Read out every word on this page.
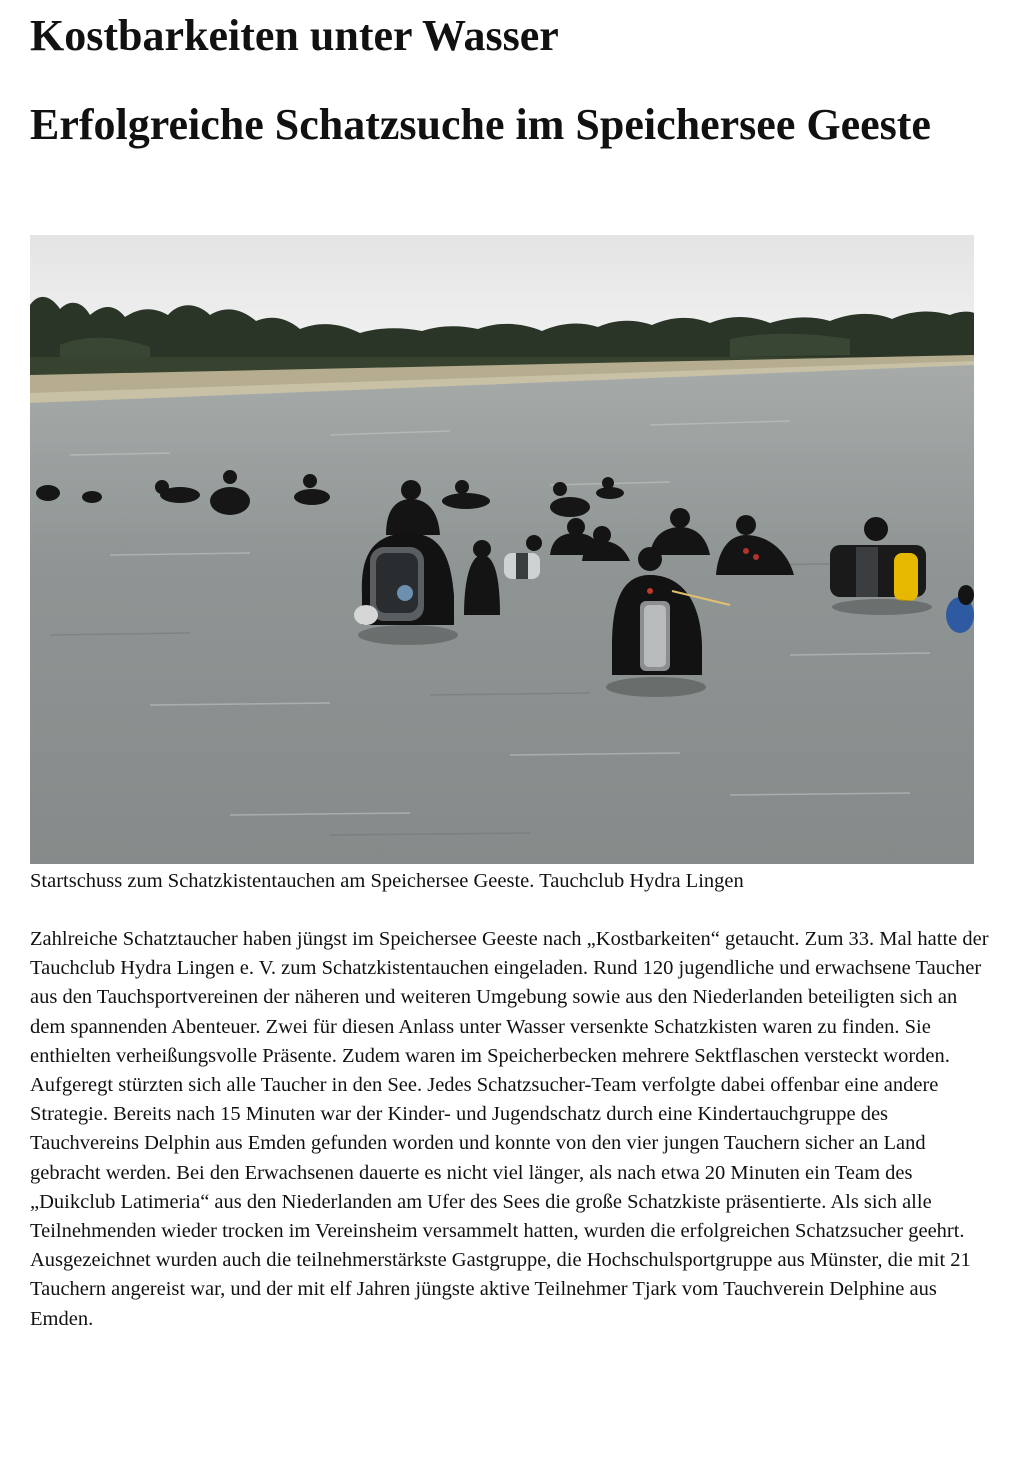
Kostbarkeiten unter Wasser
Erfolgreiche Schatzsuche im Speichersee Geeste
Startschuss zum Schatzkistentauchen am Speichersee Geeste. Tauchclub Hydra Lingen

Zahlreiche Schatztaucher haben jüngst im Speichersee Geeste nach „Kostbarkeiten“ getaucht. Zum 33. Mal hatte der Tauchclub Hydra Lingen e. V. zum Schatzkistentauchen eingeladen. Rund 120 jugendliche und erwachsene Taucher aus den Tauchsportvereinen der näheren und weiteren Umgebung sowie aus den Niederlanden beteiligten sich an dem spannenden Abenteuer. Zwei für diesen Anlass unter Wasser versenkte Schatzkisten waren zu finden. Sie enthielten verheißungsvolle Präsente. Zudem waren im Speicherbecken mehrere Sektflaschen versteckt worden.

Aufgeregt stürzten sich alle Taucher in den See. Jedes Schatzsucher-Team verfolgte dabei offenbar eine andere Strategie. Bereits nach 15 Minuten war der Kinder- und Jugendschatz durch eine Kindertauchgruppe des Tauchvereins Delphin aus Emden gefunden worden und konnte von den vier jungen Tauchern sicher an Land gebracht werden. Bei den Erwachsenen dauerte es nicht viel länger, als nach etwa 20 Minuten ein Team des „Duikclub Latimeria“ aus den Niederlanden am Ufer des Sees die große Schatzkiste präsentierte. Als sich alle Teilnehmenden wieder trocken im Vereinsheim versammelt hatten, wurden die erfolgreichen Schatzsucher geehrt. Ausgezeichnet wurden auch die teilnehmerstärkste Gastgruppe, die Hochschulsportgruppe aus Münster, die mit 21 Tauchern angereist war, und der mit elf Jahren jüngste aktive Teilnehmer Tjark vom Tauchverein Delphine aus Emden.
